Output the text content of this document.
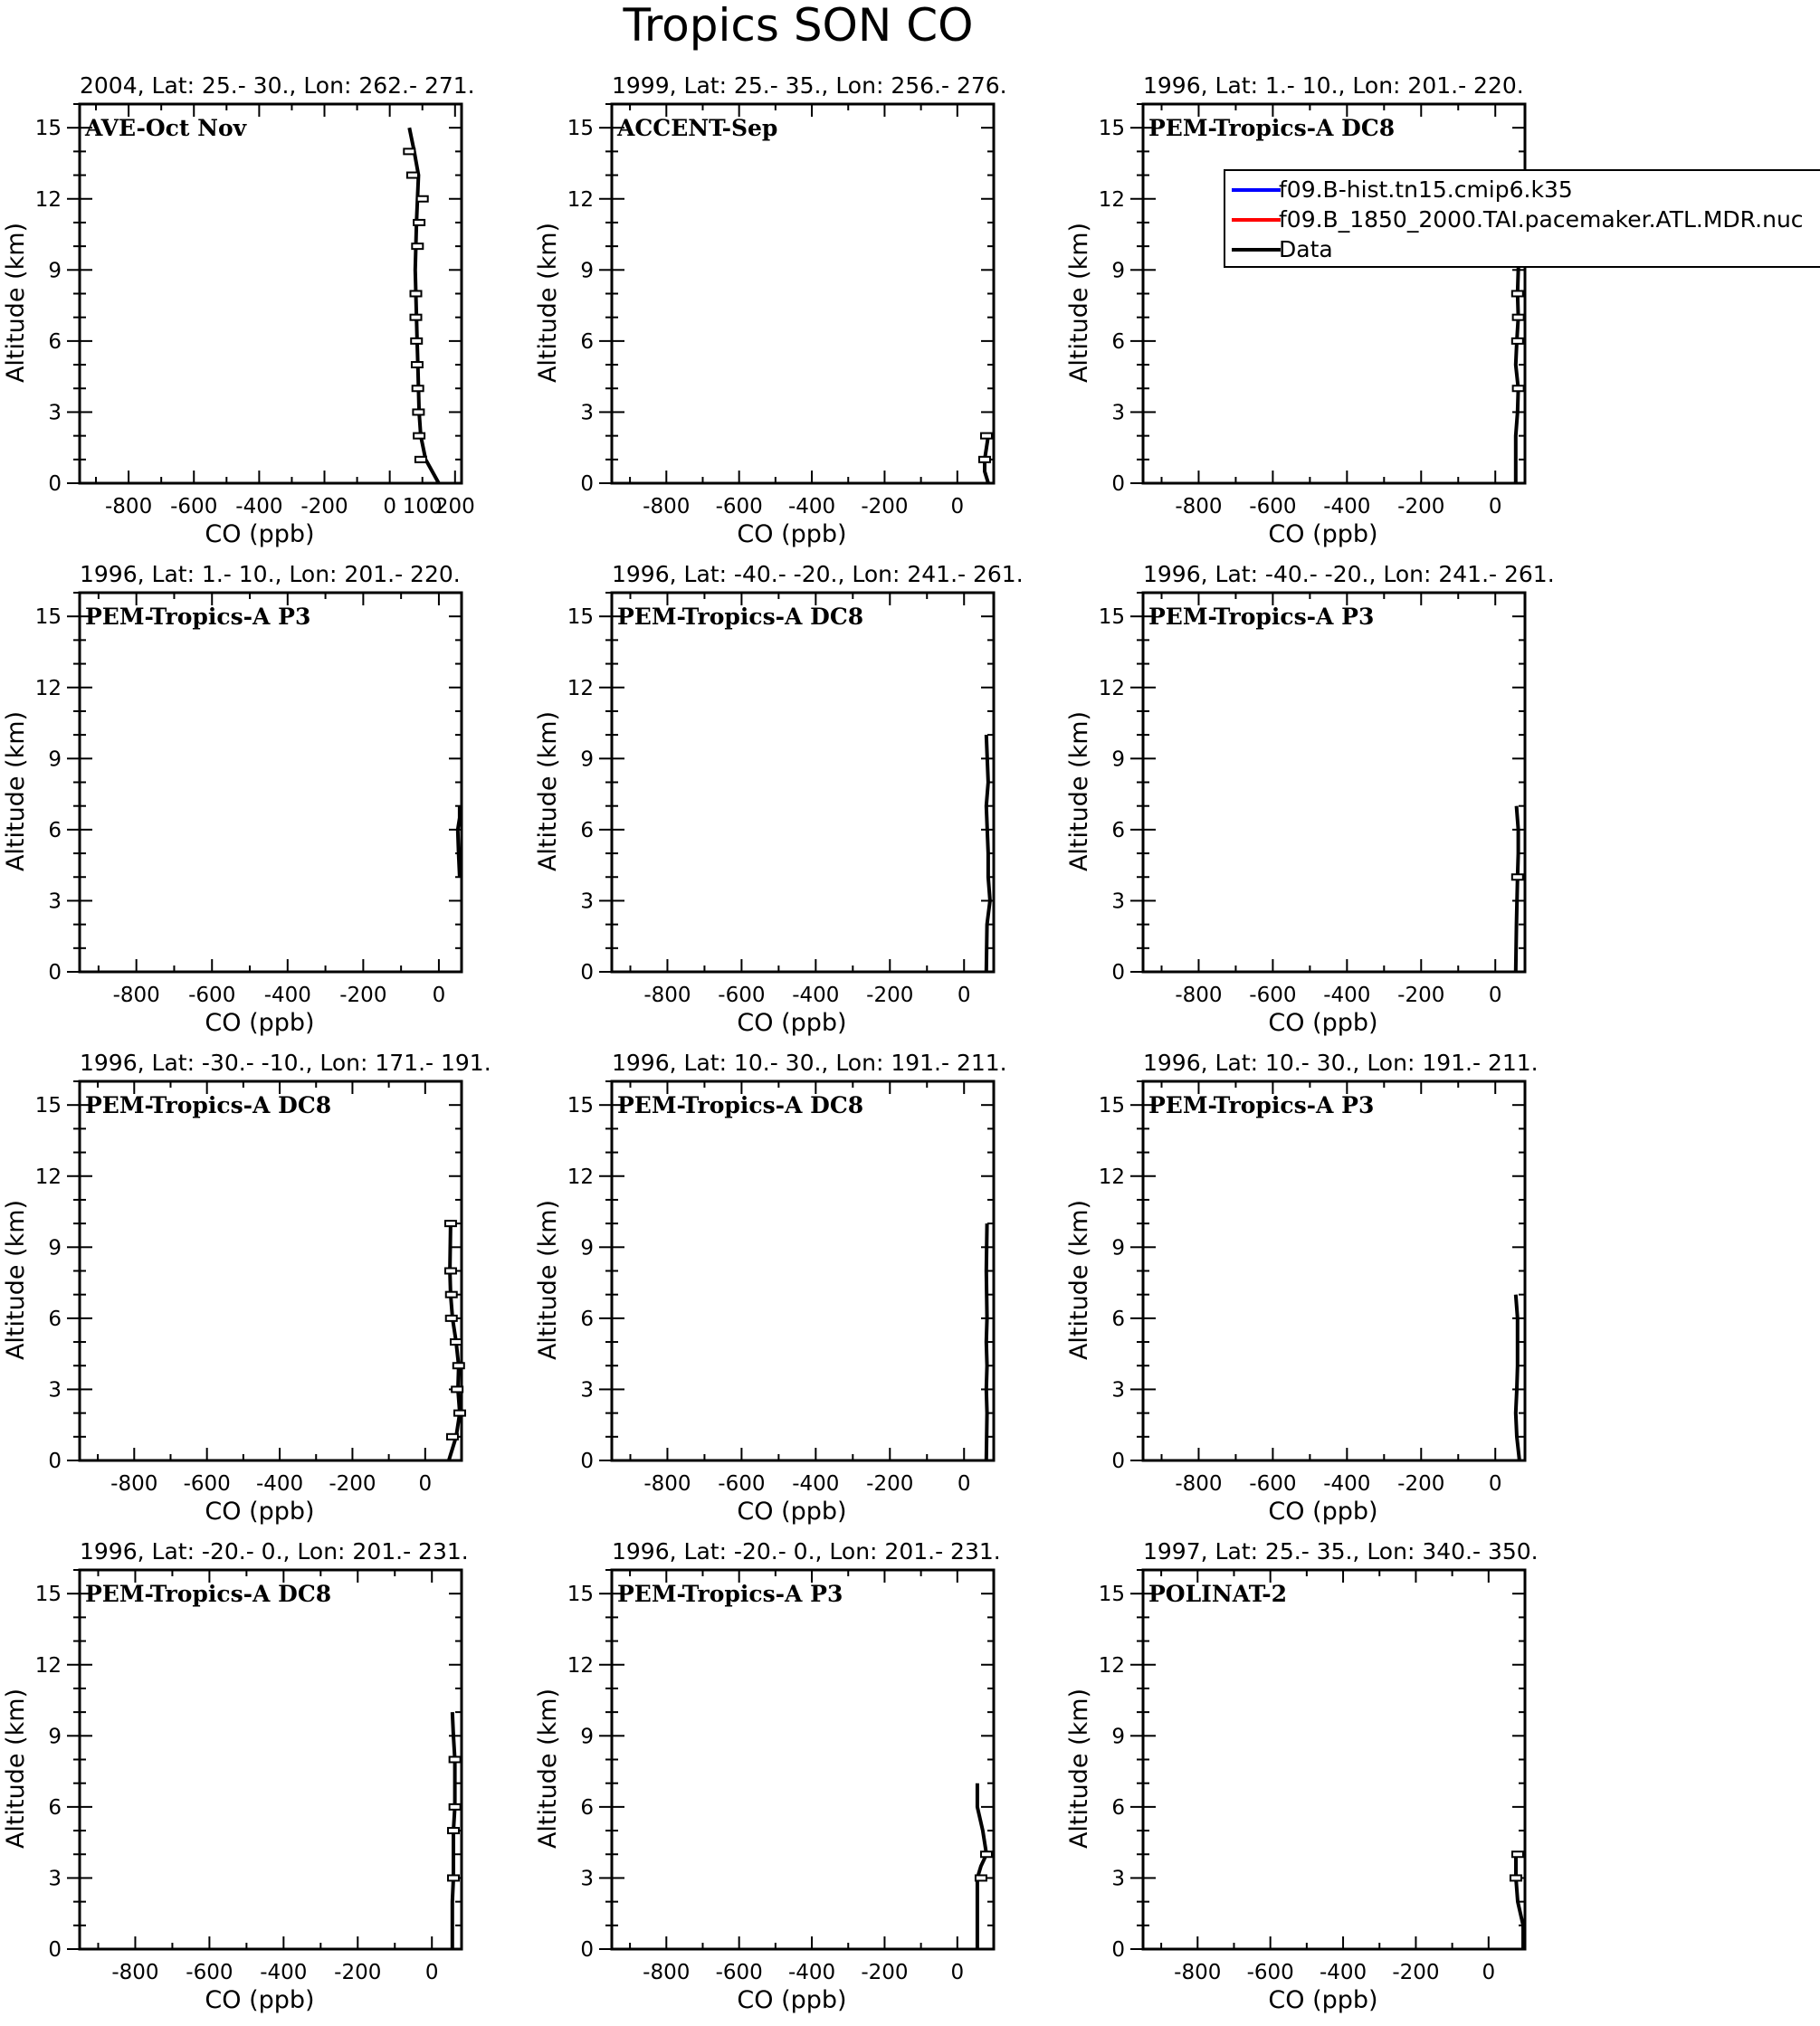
Tropics SON CO
2004, Lat: 25.- 30., Lon: 262.- 271.
AVE-Oct Nov
0
3
6
9
12
15
-800 -600 -400 -200 0 100
200
CO (ppb)
Altitude (km)
1999, Lat: 25.- 35., Lon: 256.- 276.
ACCENT-Sep
0
3
6
9
12
15
-800 -600 -400 -200 0
CO (ppb)
Altitude (km)
1996, Lat: 1.- 10., Lon: 201.- 220.
PEM-Tropics-A DC8
0
3
6
9
12
15
-800 -600 -400 -200 0
CO (ppb)
Altitude (km)
1996, Lat: 1.- 10., Lon: 201.- 220.
PEM-Tropics-A P3
0
3
6
9
12
15
-800 -600 -400 -200 0
CO (ppb)
Altitude (km)
1996, Lat: -40.- -20., Lon: 241.- 261.
PEM-Tropics-A DC8
0
3
6
9
12
15
-800 -600 -400 -200 0
CO (ppb)
Altitude (km)
1996, Lat: -40.- -20., Lon: 241.- 261.
PEM-Tropics-A P3
0
3
6
9
12
15
-800 -600 -400 -200 0
CO (ppb)
Altitude (km)
1996, Lat: -30.- -10., Lon: 171.- 191.
PEM-Tropics-A DC8
0
3
6
9
12
15
-800 -600 -400 -200 0
CO (ppb)
Altitude (km)
1996, Lat: 10.- 30., Lon: 191.- 211.
PEM-Tropics-A DC8
0
3
6
9
12
15
-800 -600 -400 -200 0
CO (ppb)
Altitude (km)
1996, Lat: 10.- 30., Lon: 191.- 211.
PEM-Tropics-A P3
0
3
6
9
12
15
-800 -600 -400 -200 0
CO (ppb)
Altitude (km)
1996, Lat: -20.- 0., Lon: 201.- 231.
PEM-Tropics-A DC8
0
3
6
9
12
15
-800 -600 -400 -200 0
CO (ppb)
Altitude (km)
1996, Lat: -20.- 0., Lon: 201.- 231.
PEM-Tropics-A P3
0
3
6
9
12
15
-800 -600 -400 -200 0
CO (ppb)
Altitude (km)
1997, Lat: 25.- 35., Lon: 340.- 350.
POLINAT-2
0
3
6
9
12
15
-800 -600 -400 -200 0
CO (ppb)
Altitude (km)
f09.B-hist.tn15.cmip6.k35
f09.B_1850_2000.TAI.pacemaker.ATL.MDR.nuc
Data
